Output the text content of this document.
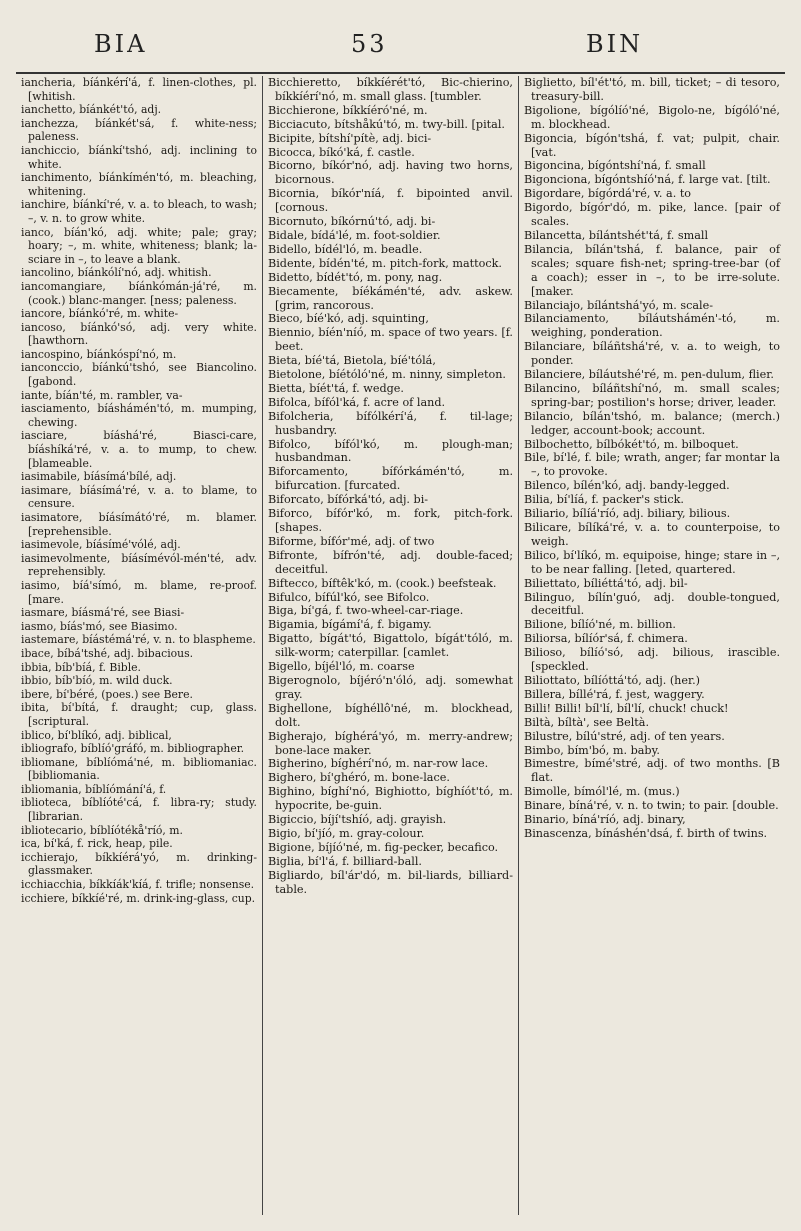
BIA	53	BIN

iancheria, bíánkérí'á, f. linen-clothes, pl. [whitish.

ianchetto, bíánkét'tó, adj.

ianchezza, bíánkét'sá, f. white-ness; paleness.

ianchiccio, bíánkí'tshó, adj. inclining to white.

ianchimento, bíánkímén'tó, m. bleaching, whitening.

ianchire, bíánkí'ré, v. a. to bleach, to wash; –, v. n. to grow white.

ianco, bíán'kó, adj. white; pale; gray; hoary; –, m. white, whiteness; blank; la-sciare in –, to leave a blank.

iancolino, bíánkólí'nó, adj. whitish.

iancomangiare, bíánkómán-já'ré, m. (cook.) blanc-manger. [ness; paleness.

iancore, bíánkó'ré, m. white-

iancoso, bíánkó'só, adj. very white. [hawthorn.

iancospino, bíánkóspí'nó, m.

ianconccio, bíánkú'tshó, see Biancolino. [gabond.

iante, bíán'té, m. rambler, va-

iasciamento, bíáshámén'tó, m. mumping, chewing.

iasciare, bíáshá'ré, Biasci-care, bíáshíká'ré, v. a. to mump, to chew. [blameable.

iasimabile, bíásímá'bílé, adj.

iasimare, bíásímá'ré, v. a. to blame, to censure.

iasimatore, bíásímátó'ré, m. blamer. [reprehensible.

iasimevole, bíásímé'vólé, adj.

iasimevolmente, bíásímévól-mén'té, adv. reprehensibly.

iasimo, bíá'símó, m. blame, re-proof. [mare.

iasmare, bíásmá'ré, see Biasi-

iasmo, bíás'mó, see Biasimo.

iastemare, bíástémá'ré, v. n. to blaspheme.

ibace, bíbá'tshé, adj. bibacious.

ibbia, bíb'bíá, f. Bible.

ibbio, bíb'bíó, m. wild duck.

ibere, bí'béré, (poes.) see Bere.

ibita, bí'bítá, f. draught; cup, glass. [scriptural.

iblico, bí'blíkó, adj. biblical,

ibliografo, bíblíó'gráfó, m. bibliographer.

ibliomane, bíblíómá'né, m. bibliomaniac. [bibliomania.

ibliomania, bíblíómání'á, f.

iblioteca, bíblíóté'cá, f. libra-ry; study. [librarian.

ibliotecario, bíblíótékå'ríó, m.

ica, bí'ká, f. rick, heap, pile.

icchierajo, bíkkíérá'yó, m. drinking-glassmaker.

icchiacchia, bíkkíák'kíá, f. trifle; nonsense.

icchiere, bíkkíé'ré, m. drink-ing-glass, cup.

Bicchieretto, bíkkíérét'tó, Bic-chierino, bíkkíérí'nó, m. small glass. [tumbler.

Bicchierone, bíkkíéró'né, m.

Bicciacuto, bítshåkú'tó, m. twy-bill. [pital.

Bicipite, bítshí'pítè, adj. bici-

Bicocca, bíkó'ká, f. castle.

Bicorno, bíkór'nó, adj. having two horns, bicornous.

Bicornia, bíkór'níá, f. bipointed anvil. [cornous.

Bicornuto, bíkórnú'tó, adj. bi-

Bidale, bídá'lé, m. foot-soldier.

Bidello, bídél'ló, m. beadle.

Bidente, bídén'té, m. pitch-fork, mattock.

Bidetto, bídét'tó, m. pony, nag.

Biecamente, bíékámén'té, adv. askew. [grim, rancorous.

Bieco, bíé'kó, adj. squinting,

Biennio, bíén'níó, m. space of two years. [f. beet.

Bieta, bíé'tá, Bietola, bíé'tólá,

Bietolone, bíétóló'né, m. ninny, simpleton.

Bietta, bíét'tá, f. wedge.

Bifolca, bífól'ká, f. acre of land.

Bifolcheria, bífólkérí'á, f. til-lage; husbandry.

Bifolco, bífól'kó, m. plough-man; husbandman.

Biforcamento, bífórkámén'tó, m. bifurcation. [furcated.

Biforcato, bífórká'tó, adj. bi-

Biforco, bífór'kó, m. fork, pitch-fork. [shapes.

Biforme, bífór'mé, adj. of two

Bifronte, bífrón'té, adj. double-faced; deceitful.

Biftecco, bíftêk'kó, m. (cook.) beefsteak.

Bifulco, bífúl'kó, see Bifolco.

Biga, bí'gá, f. two-wheel-car-riage.

Bigamia, bígámí'á, f. bigamy.

Bigatto, bígát'tó, Bigattolo, bígát'tóló, m. silk-worm; caterpillar. [camlet.

Bigello, bíjél'ló, m. coarse

Bigerognolo, bíjéró'n'óló, adj. somewhat gray.

Bighellone, bíghéllô'né, m. blockhead, dolt.

Bigherajo, bíghérá'yó, m. merry-andrew; bone-lace maker.

Bigherino, bíghérí'nó, m. nar-row lace.

Bighero, bí'ghéró, m. bone-lace.

Bighino, bíghí'nó, Bighiotto, bíghíót'tó, m. hypocrite, be-guin.

Bigiccio, bíjí'tshíó, adj. grayish.

Bigio, bí'jíó, m. gray-colour.

Bigione, bíjíó'né, m. fig-pecker, becafico.

Biglia, bí'l'á, f. billiard-ball.

Bigliardo, bíl'ár'dó, m. bil-liards, billiard-table.

Biglietto, bíl'ét'tó, m. bill, ticket; – di tesoro, treasury-bill.

Bigolione, bígólíó'né, Bigolo-ne, bígóló'né, m. blockhead.

Bigoncia, bígón'tshá, f. vat; pulpit, chair. [vat.

Bigoncina, bígóntshí'ná, f. small

Bigonciona, bígóntshíó'ná, f. large vat. [tilt.

Bigordare, bígórdá'ré, v. a. to

Bigordo, bígór'dó, m. pike, lance. [pair of scales.

Bilancetta, bílántshét'tá, f. small

Bilancia, bílán'tshá, f. balance, pair of scales; square fish-net; spring-tree-bar (of a coach); esser in –, to be irre-solute. [maker.

Bilanciajo, bílántshá'yó, m. scale-

Bilanciamento, bíláutshámén'-tó, m. weighing, ponderation.

Bilanciare, bíláñtshá'ré, v. a. to weigh, to ponder.

Bilanciere, bíláutshé'ré, m. pen-dulum, flier.

Bilancino, bíláñtshí'nó, m. small scales; spring-bar; postilion's horse; driver, leader.

Bilancio, bílán'tshó, m. balance; (merch.) ledger, account-book; account.

Bilbochetto, bílbókét'tó, m. bilboquet.

Bile, bí'lé, f. bile; wrath, anger; far montar la –, to provoke.

Bilenco, bílén'kó, adj. bandy-legged.

Bilia, bí'líá, f. packer's stick.

Biliario, bílíá'ríó, adj. biliary, bilious.

Bilicare, bílíká'ré, v. a. to counterpoise, to weigh.

Bilico, bí'líkó, m. equipoise, hinge; stare in –, to be near falling. [leted, quartered.

Biliettato, bíliéttá'tó, adj. bil-

Bilinguo, bílín'guó, adj. double-tongued, deceitful.

Bilione, bílíó'né, m. billion.

Biliorsa, bílíór'sá, f. chimera.

Bilioso, bílíó'só, adj. bilious, irascible. [speckled.

Biliottato, bílíóttá'tó, adj. (her.)

Billera, bíllé'rá, f. jest, waggery.

Billi! Billi! bíl'lí, bíl'lí, chuck! chuck!

Biltà, bíltà', see Beltà.

Bilustre, bílú'stré, adj. of ten years.

Bimbo, bím'bó, m. baby.

Bimestre, bímé'stré, adj. of two months. [B flat.

Bimolle, bímól'lé, m. (mus.)

Binare, bíná'ré, v. n. to twin; to pair. [double.

Binario, bíná'ríó, adj. binary,

Binascenza, bínáshén'dsá, f. birth of twins.
